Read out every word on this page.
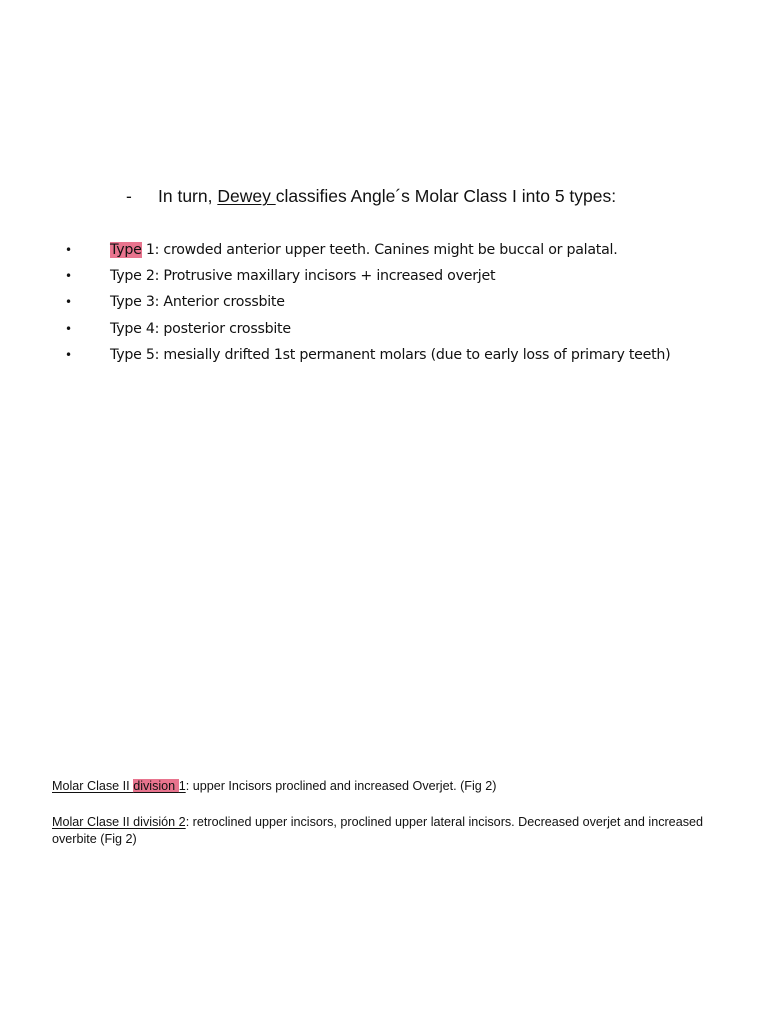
- In turn, Dewey classifies Angle´s Molar Class I into 5 types:
•	Type 1: crowded anterior upper teeth. Canines might be buccal or palatal.
•	Type 2: Protrusive maxillary incisors + increased overjet
•	Type 3: Anterior crossbite
•	Type 4: posterior crossbite
•	Type 5: mesially drifted 1st permanent molars (due to early loss of primary teeth)
Molar Clase II division 1: upper Incisors proclined and increased Overjet. (Fig 2)
Molar Clase II división 2: retroclined upper incisors, proclined upper lateral incisors. Decreased overjet and increased overbite (Fig 2)
